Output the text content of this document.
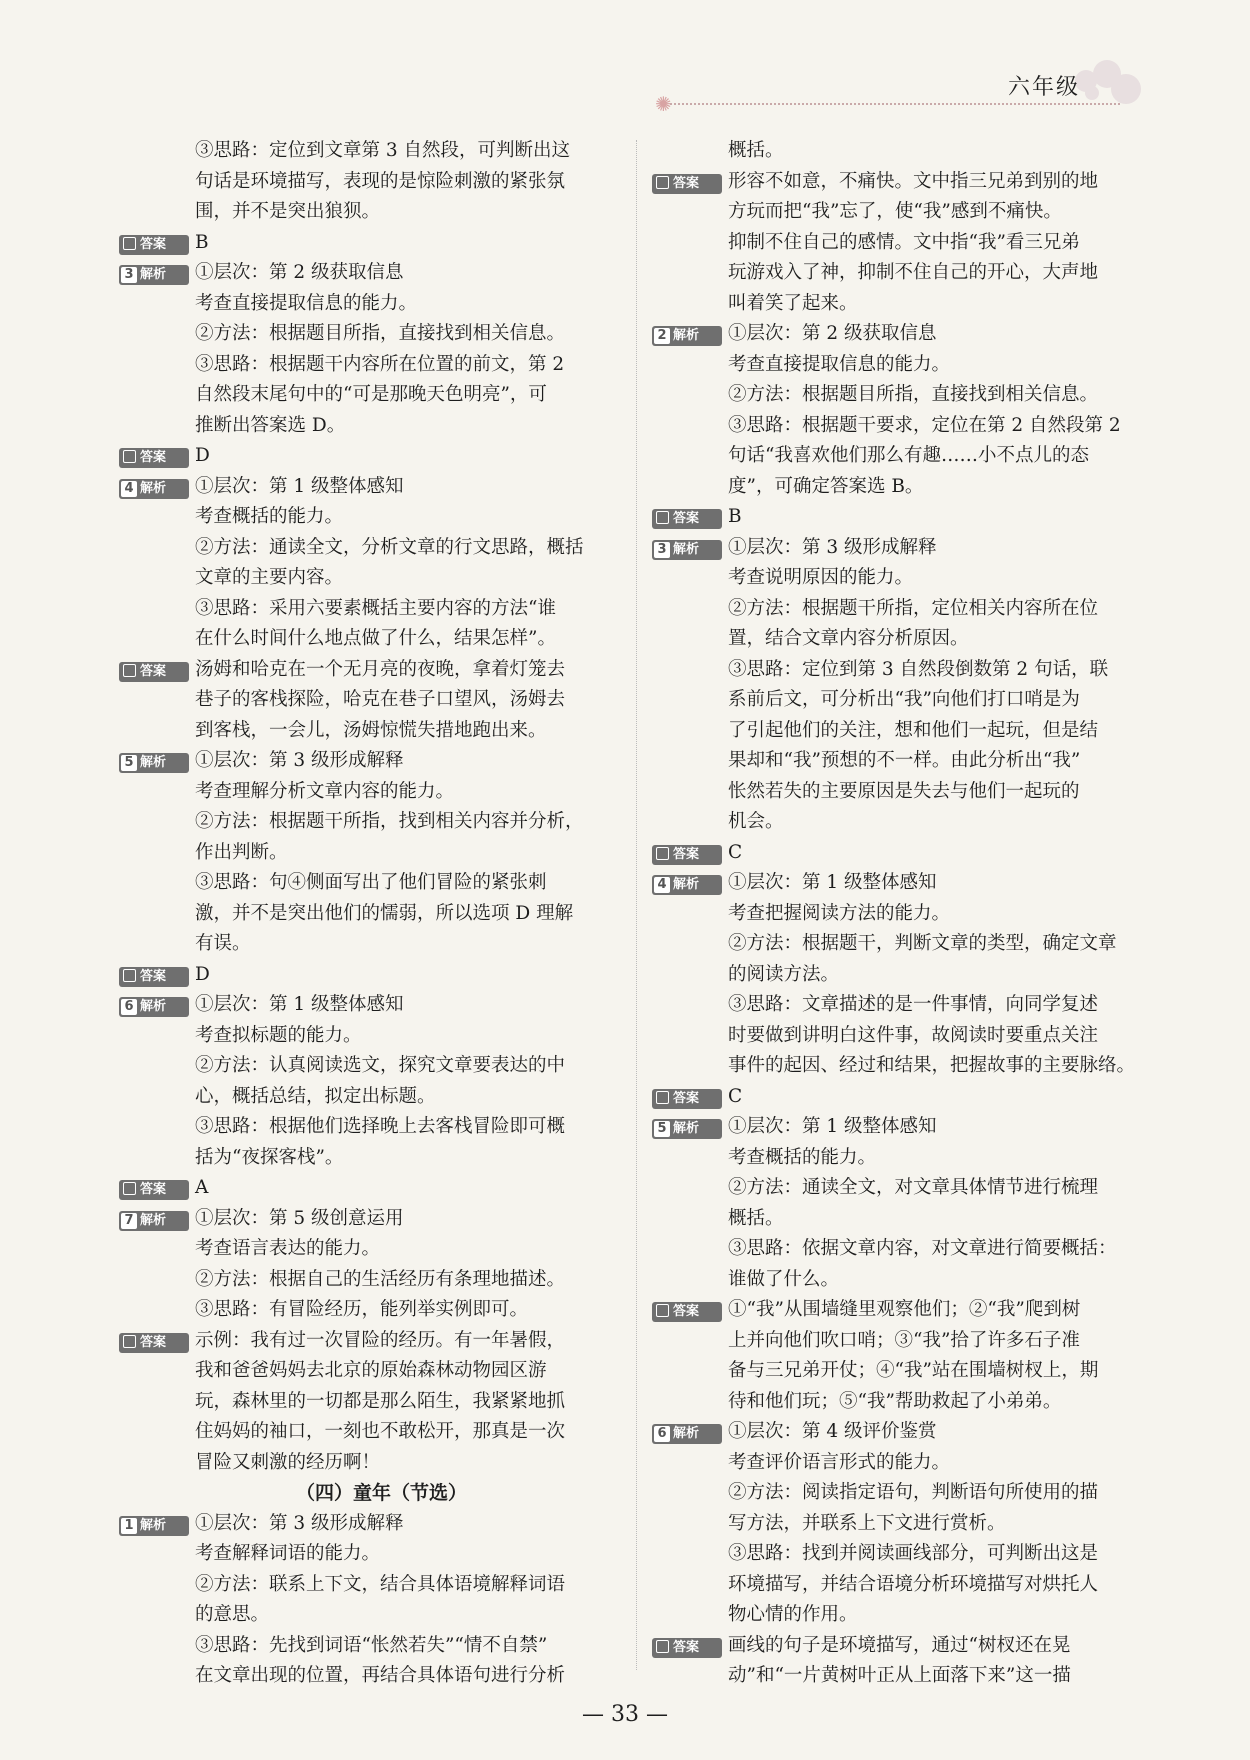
六年级
✺
③思路：定位到文章第 3 自然段，可判断出这
句话是环境描写，表现的是惊险刺激的紧张氛
围，并不是突出狼狈。
答案	B
3 解析	①层次：第 2 级获取信息
考查直接提取信息的能力。
②方法：根据题目所指，直接找到相关信息。
③思路：根据题干内容所在位置的前文，第 2
自然段末尾句中的“可是那晚天色明亮”，可
推断出答案选 D。
答案	D
4 解析	①层次：第 1 级整体感知
考查概括的能力。
②方法：通读全文，分析文章的行文思路，概括
文章的主要内容。
③思路：采用六要素概括主要内容的方法“谁
在什么时间什么地点做了什么，结果怎样”。
答案	汤姆和哈克在一个无月亮的夜晚，拿着灯笼去
巷子的客栈探险，哈克在巷子口望风，汤姆去
到客栈，一会儿，汤姆惊慌失措地跑出来。
5 解析	①层次：第 3 级形成解释
考查理解分析文章内容的能力。
②方法：根据题干所指，找到相关内容并分析，
作出判断。
③思路：句④侧面写出了他们冒险的紧张刺
激，并不是突出他们的懦弱，所以选项 D 理解
有误。
答案	D
6 解析	①层次：第 1 级整体感知
考查拟标题的能力。
②方法：认真阅读选文，探究文章要表达的中
心，概括总结，拟定出标题。
③思路：根据他们选择晚上去客栈冒险即可概
括为“夜探客栈”。
答案	A
7 解析	①层次：第 5 级创意运用
考查语言表达的能力。
②方法：根据自己的生活经历有条理地描述。
③思路：有冒险经历，能列举实例即可。
答案	示例：我有过一次冒险的经历。有一年暑假，
我和爸爸妈妈去北京的原始森林动物园区游
玩，森林里的一切都是那么陌生，我紧紧地抓
住妈妈的袖口，一刻也不敢松开，那真是一次
冒险又刺激的经历啊！
（四）童年（节选）
1 解析	①层次：第 3 级形成解释
考查解释词语的能力。
②方法：联系上下文，结合具体语境解释词语
的意思。
③思路：先找到词语“怅然若失”“情不自禁”
在文章出现的位置，再结合具体语句进行分析
概括。
答案	形容不如意，不痛快。文中指三兄弟到别的地
方玩而把“我”忘了，使“我”感到不痛快。
抑制不住自己的感情。文中指“我”看三兄弟
玩游戏入了神，抑制不住自己的开心，大声地
叫着笑了起来。
2 解析	①层次：第 2 级获取信息
考查直接提取信息的能力。
②方法：根据题目所指，直接找到相关信息。
③思路：根据题干要求，定位在第 2 自然段第 2
句话“我喜欢他们那么有趣……小不点儿的态
度”，可确定答案选 B。
答案	B
3 解析	①层次：第 3 级形成解释
考查说明原因的能力。
②方法：根据题干所指，定位相关内容所在位
置，结合文章内容分析原因。
③思路：定位到第 3 自然段倒数第 2 句话，联
系前后文，可分析出“我”向他们打口哨是为
了引起他们的关注，想和他们一起玩，但是结
果却和“我”预想的不一样。由此分析出“我”
怅然若失的主要原因是失去与他们一起玩的
机会。
答案	C
4 解析	①层次：第 1 级整体感知
考查把握阅读方法的能力。
②方法：根据题干，判断文章的类型，确定文章
的阅读方法。
③思路：文章描述的是一件事情，向同学复述
时要做到讲明白这件事，故阅读时要重点关注
事件的起因、经过和结果，把握故事的主要脉络。
答案	C
5 解析	①层次：第 1 级整体感知
考查概括的能力。
②方法：通读全文，对文章具体情节进行梳理
概括。
③思路：依据文章内容，对文章进行简要概括：
谁做了什么。
答案	①“我”从围墙缝里观察他们；②“我”爬到树
上并向他们吹口哨；③“我”拾了许多石子准
备与三兄弟开仗；④“我”站在围墙树杈上，期
待和他们玩；⑤“我”帮助救起了小弟弟。
6 解析	①层次：第 4 级评价鉴赏
考查评价语言形式的能力。
②方法：阅读指定语句，判断语句所使用的描
写方法，并联系上下文进行赏析。
③思路：找到并阅读画线部分，可判断出这是
环境描写，并结合语境分析环境描写对烘托人
物心情的作用。
答案	画线的句子是环境描写，通过“树杈还在晃
动”和“一片黄树叶正从上面落下来”这一描
— 33 —
